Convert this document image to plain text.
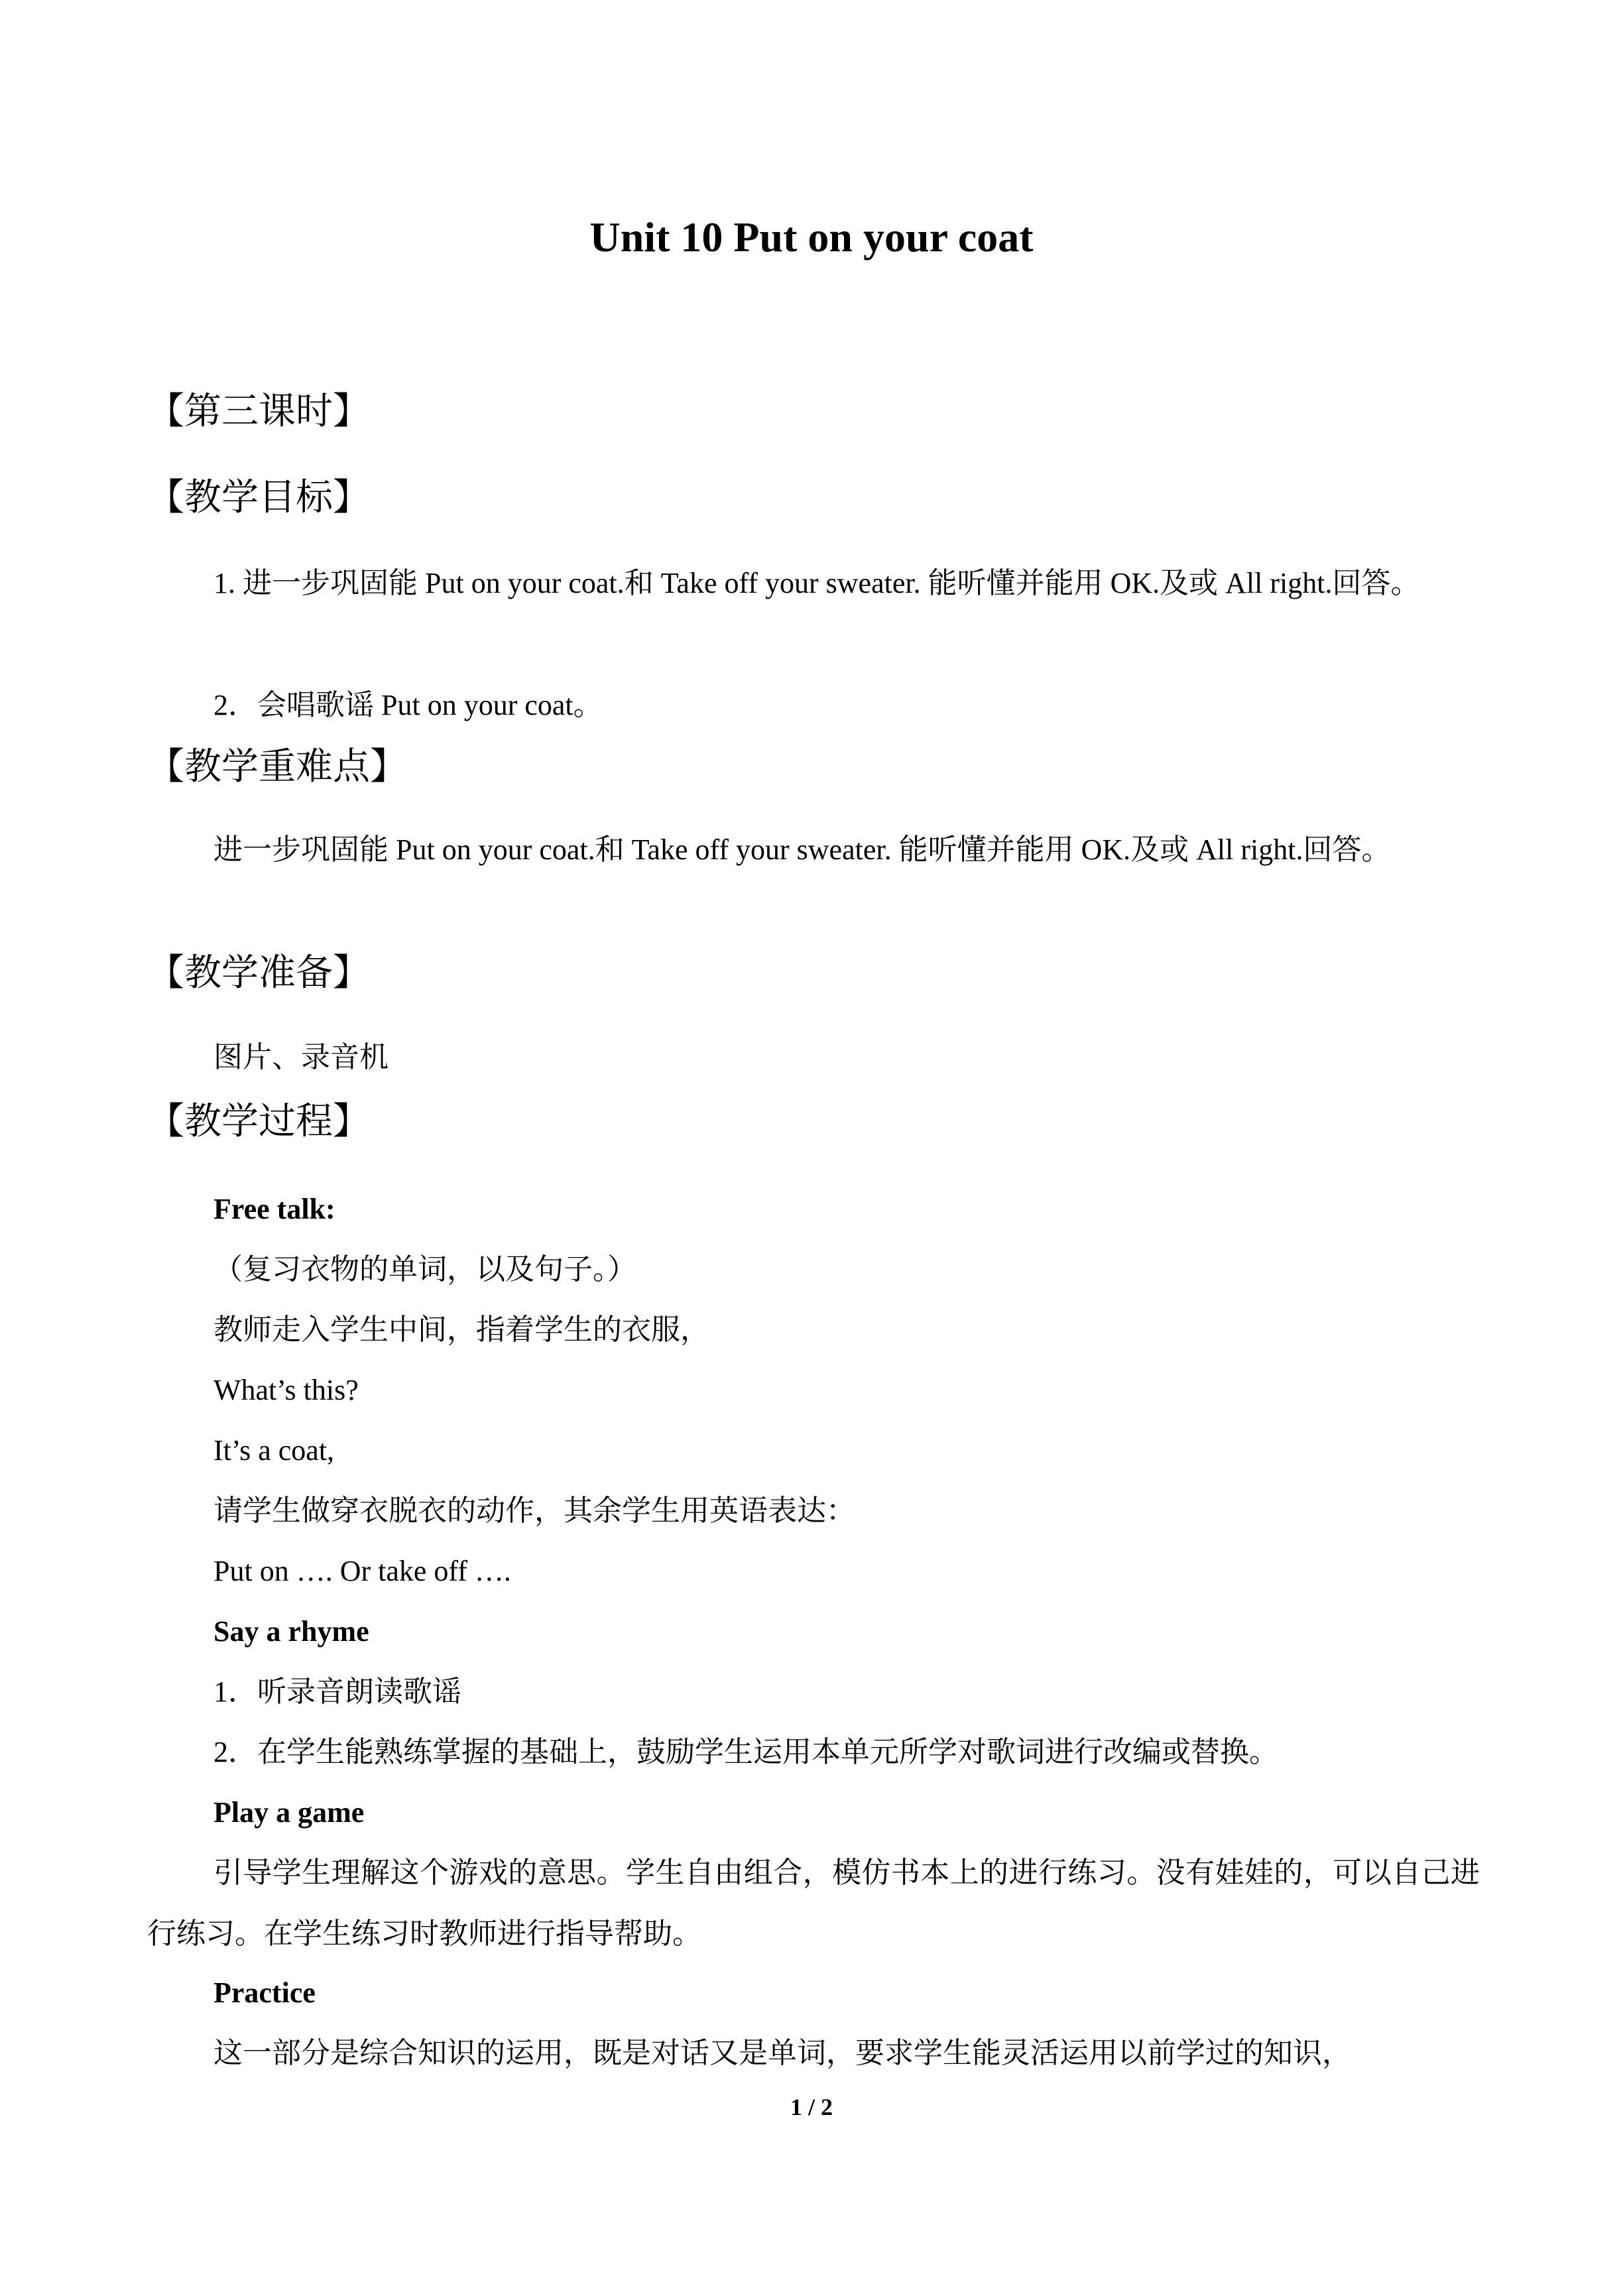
Unit 10 Put on your coat
【第三课时】
【教学目标】
1. 进一步巩固能 Put on your coat.和 Take off your sweater. 能听懂并能用 OK.及或 All right.回答。
2．会唱歌谣 Put on your coat。
【教学重难点】
进一步巩固能 Put on your coat.和 Take off your sweater. 能听懂并能用 OK.及或 All right.回答。
【教学准备】
图片、录音机
【教学过程】
Free talk:
（复习衣物的单词，以及句子。）
教师走入学生中间，指着学生的衣服，
What’s this?
It’s a coat,
请学生做穿衣脱衣的动作，其余学生用英语表达：
Put on …. Or take off ….
Say a rhyme
1．听录音朗读歌谣
2．在学生能熟练掌握的基础上，鼓励学生运用本单元所学对歌词进行改编或替换。
Play a game
引导学生理解这个游戏的意思。学生自由组合，模仿书本上的进行练习。没有娃娃的，可以自己进行练习。在学生练习时教师进行指导帮助。
Practice
这一部分是综合知识的运用，既是对话又是单词，要求学生能灵活运用以前学过的知识，
1 / 2
